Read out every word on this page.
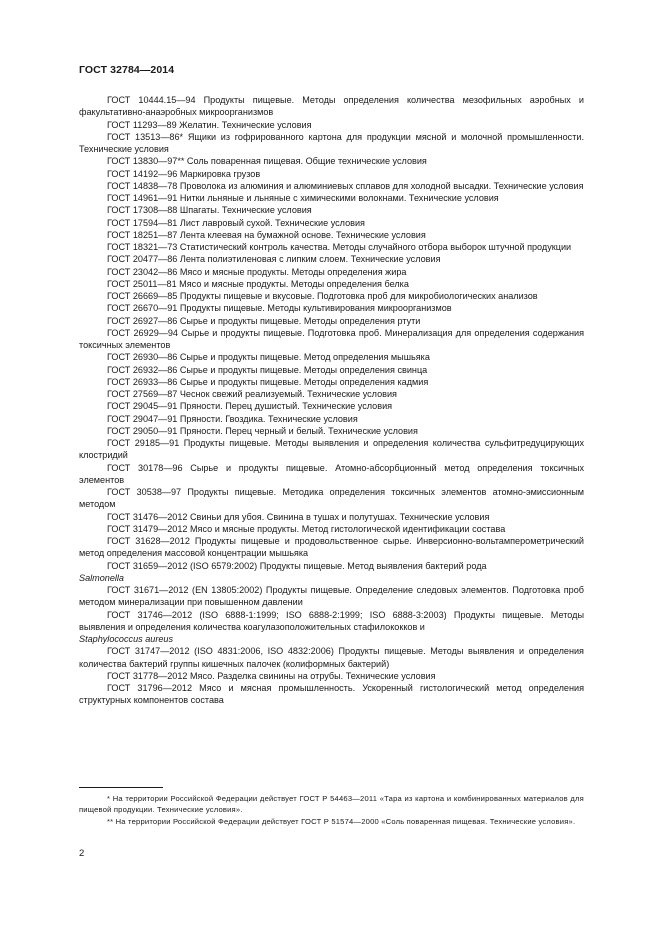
ГОСТ 32784—2014

ГОСТ 10444.15—94 Продукты пищевые. Методы определения количества мезофильных аэробных и факультативно-анаэробных микроорганизмов

ГОСТ 11293—89 Желатин. Технические условия

ГОСТ 13513—86* Ящики из гофрированного картона для продукции мясной и молочной промышленности. Технические условия

ГОСТ 13830—97** Соль поваренная пищевая. Общие технические условия

ГОСТ 14192—96 Маркировка грузов

ГОСТ 14838—78 Проволока из алюминия и алюминиевых сплавов для холодной высадки. Технические условия

ГОСТ 14961—91 Нитки льняные и льняные с химическими волокнами. Технические условия

ГОСТ 17308—88 Шпагаты. Технические условия

ГОСТ 17594—81 Лист лавровый сухой. Технические условия

ГОСТ 18251—87 Лента клеевая на бумажной основе. Технические условия

ГОСТ 18321—73 Статистический контроль качества. Методы случайного отбора выборок штучной продукции

ГОСТ 20477—86 Лента полиэтиленовая с липким слоем. Технические условия

ГОСТ 23042—86 Мясо и мясные продукты. Методы определения жира

ГОСТ 25011—81 Мясо и мясные продукты. Методы определения белка

ГОСТ 26669—85 Продукты пищевые и вкусовые. Подготовка проб для микробиологических анализов

ГОСТ 26670—91 Продукты пищевые. Методы культивирования микроорганизмов

ГОСТ 26927—86 Сырье и продукты пищевые. Методы определения ртути

ГОСТ 26929—94 Сырье и продукты пищевые. Подготовка проб. Минерализация для определения содержания токсичных элементов

ГОСТ 26930—86 Сырье и продукты пищевые. Метод определения мышьяка

ГОСТ 26932—86 Сырье и продукты пищевые. Методы определения свинца

ГОСТ 26933—86 Сырье и продукты пищевые. Методы определения кадмия

ГОСТ 27569—87 Чеснок свежий реализуемый. Технические условия

ГОСТ 29045—91 Пряности. Перец душистый. Технические условия

ГОСТ 29047—91 Пряности. Гвоздика. Технические условия

ГОСТ 29050—91 Пряности. Перец черный и белый. Технические условия

ГОСТ 29185—91 Продукты пищевые. Методы выявления и определения количества сульфитредуцирующих клостридий

ГОСТ 30178—96 Сырье и продукты пищевые. Атомно-абсорбционный метод определения токсичных элементов

ГОСТ 30538—97 Продукты пищевые. Методика определения токсичных элементов атомно-эмиссионным методом

ГОСТ 31476—2012 Свиньи для убоя. Свинина в тушах и полутушах. Технические условия

ГОСТ 31479—2012 Мясо и мясные продукты. Метод гистологической идентификации состава

ГОСТ 31628—2012 Продукты пищевые и продовольственное сырье. Инверсионно-вольтамперометрический метод определения массовой концентрации мышьяка

ГОСТ 31659—2012 (ISO 6579:2002) Продукты пищевые. Метод выявления бактерий рода
Salmonella

ГОСТ 31671—2012 (EN 13805:2002) Продукты пищевые. Определение следовых элементов. Подготовка проб методом минерализации при повышенном давлении

ГОСТ 31746—2012 (ISO 6888-1:1999; ISO 6888-2:1999; ISO 6888-3:2003) Продукты пищевые. Методы выявления и определения количества коагулазоположительных стафилококков и
Staphylococcus aureus

ГОСТ 31747—2012 (ISO 4831:2006, ISO 4832:2006) Продукты пищевые. Методы выявления и определения количества бактерий группы кишечных палочек (колиформных бактерий)

ГОСТ 31778—2012 Мясо. Разделка свинины на отрубы. Технические условия

ГОСТ 31796—2012 Мясо и мясная промышленность. Ускоренный гистологический метод определения структурных компонентов состава

* На территории Российской Федерации действует ГОСТ Р 54463—2011 «Тара из картона и комбинированных материалов для пищевой продукции. Технические условия».

** На территории Российской Федерации действует ГОСТ Р 51574—2000 «Соль поваренная пищевая. Технические условия».

2
